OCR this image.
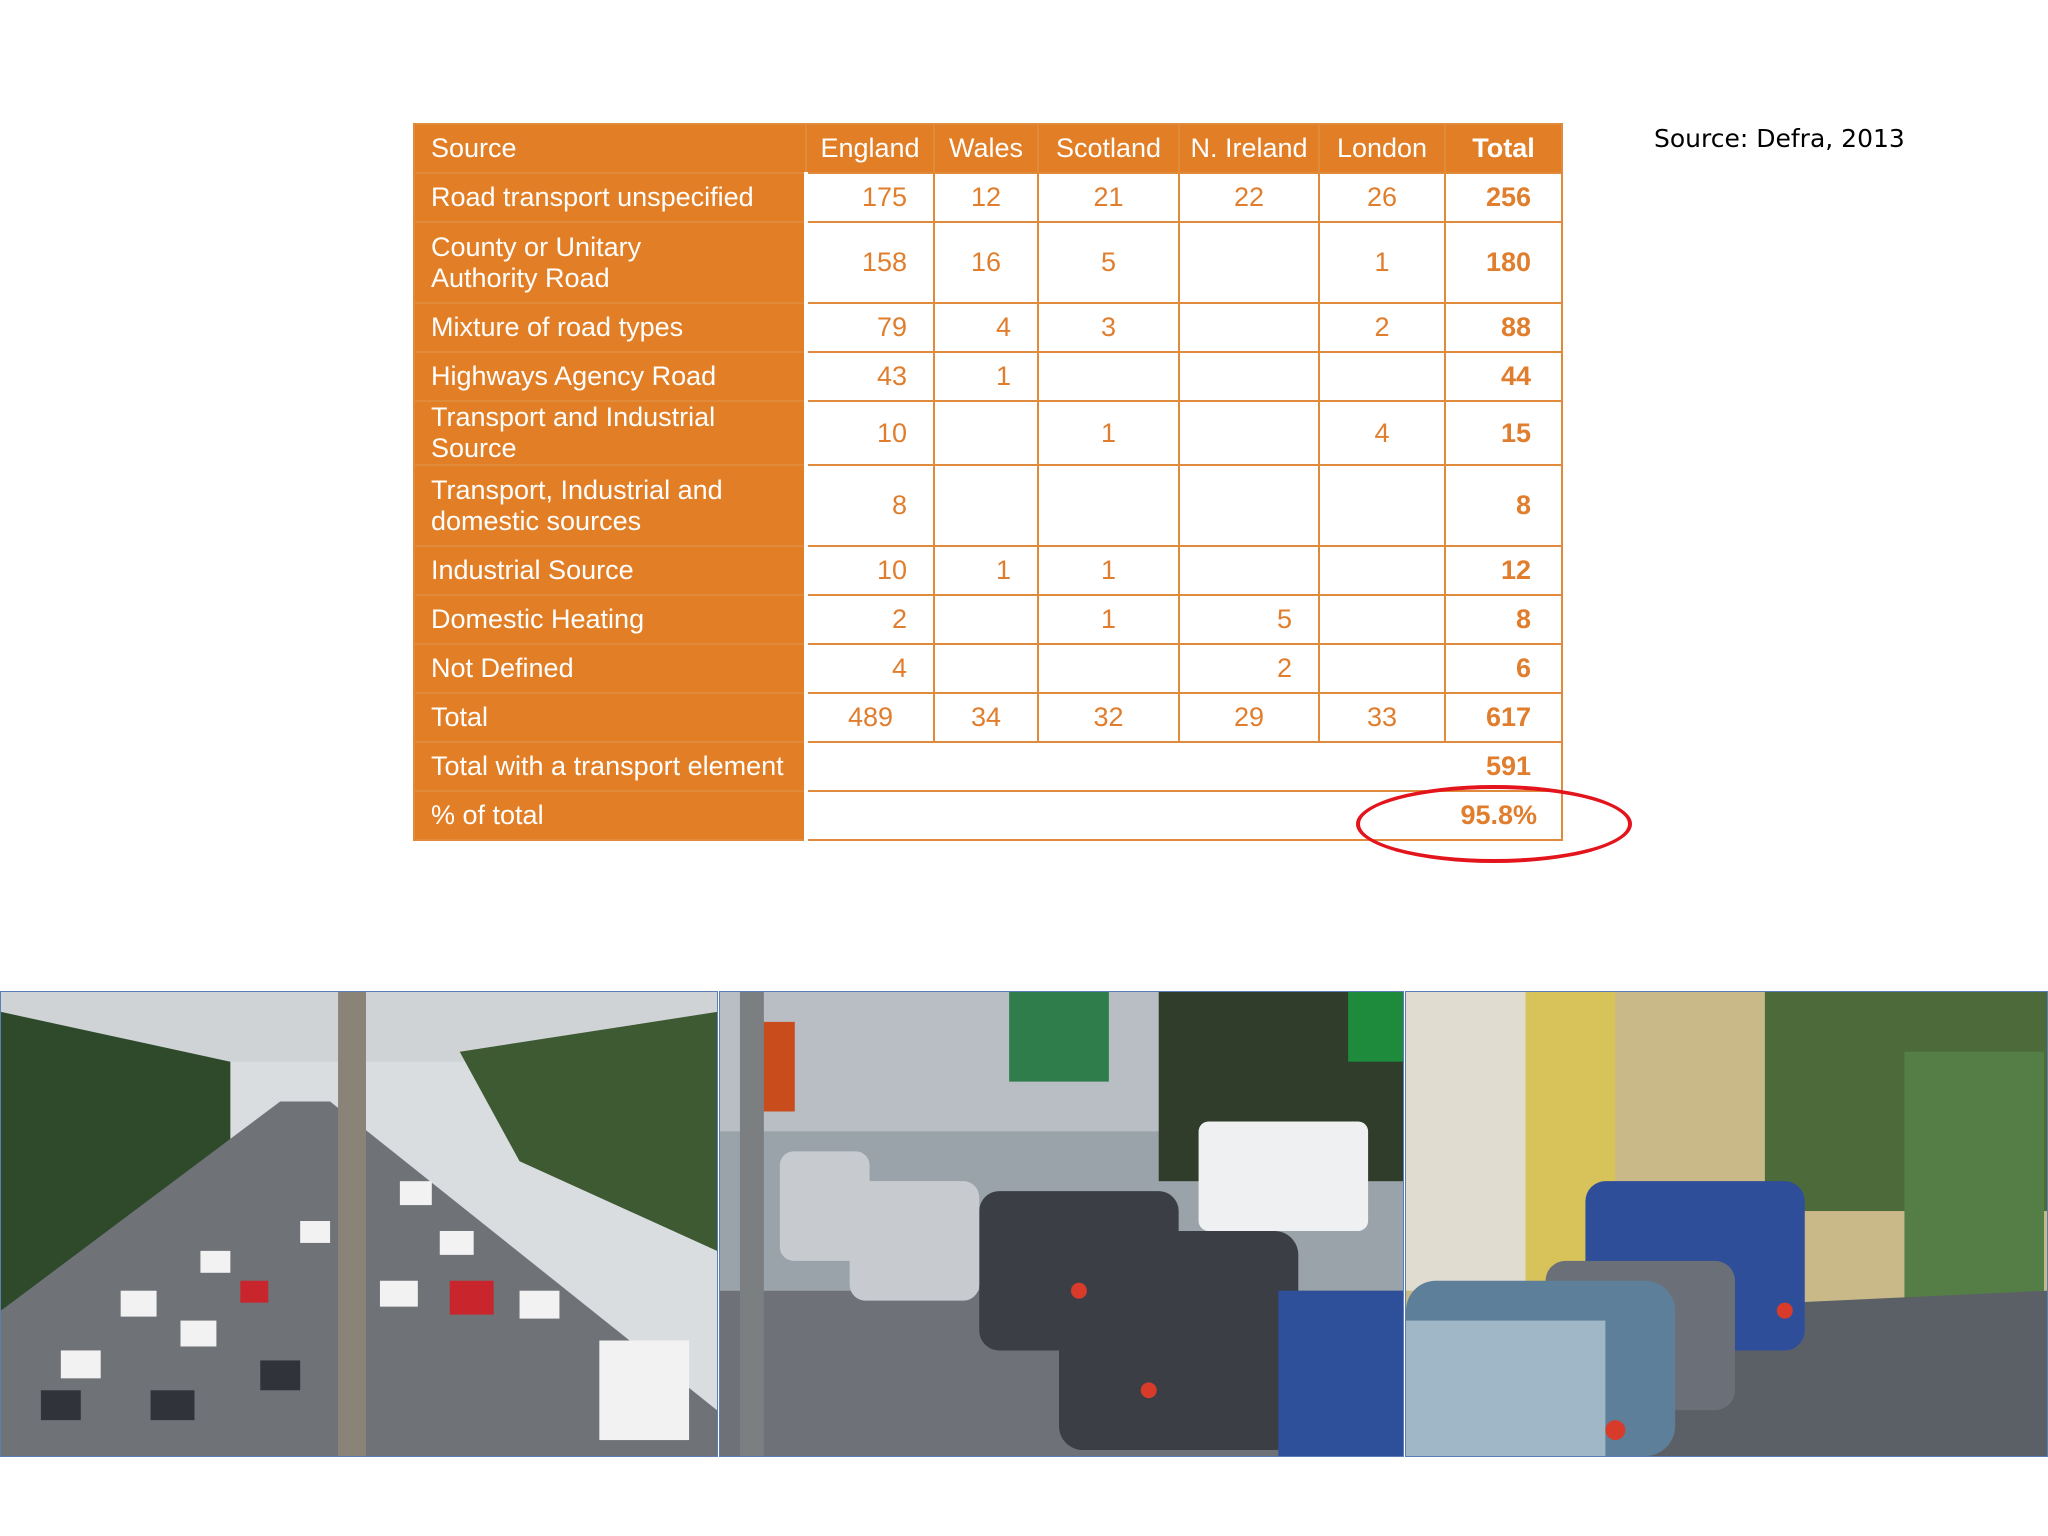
Source	England	Wales	Scotland	N. Ireland	London	Total
Road transport unspecified	175	12	21	22	26	256
County or Unitary
Authority Road	158	16	5		1	180
Mixture of road types	79	4	3		2	88
Highways Agency Road	43	1				44
Transport and Industrial Source	10		1		4	15
Transport, Industrial and
domestic sources	8					8
Industrial Source	10	1	1			12
Domestic Heating	2		1	5		8
Not Defined	4			2		6
Total	489	34	32	29	33	617
Total with a transport element	591					
% of total	95.8%					
Source: Defra, 2013
